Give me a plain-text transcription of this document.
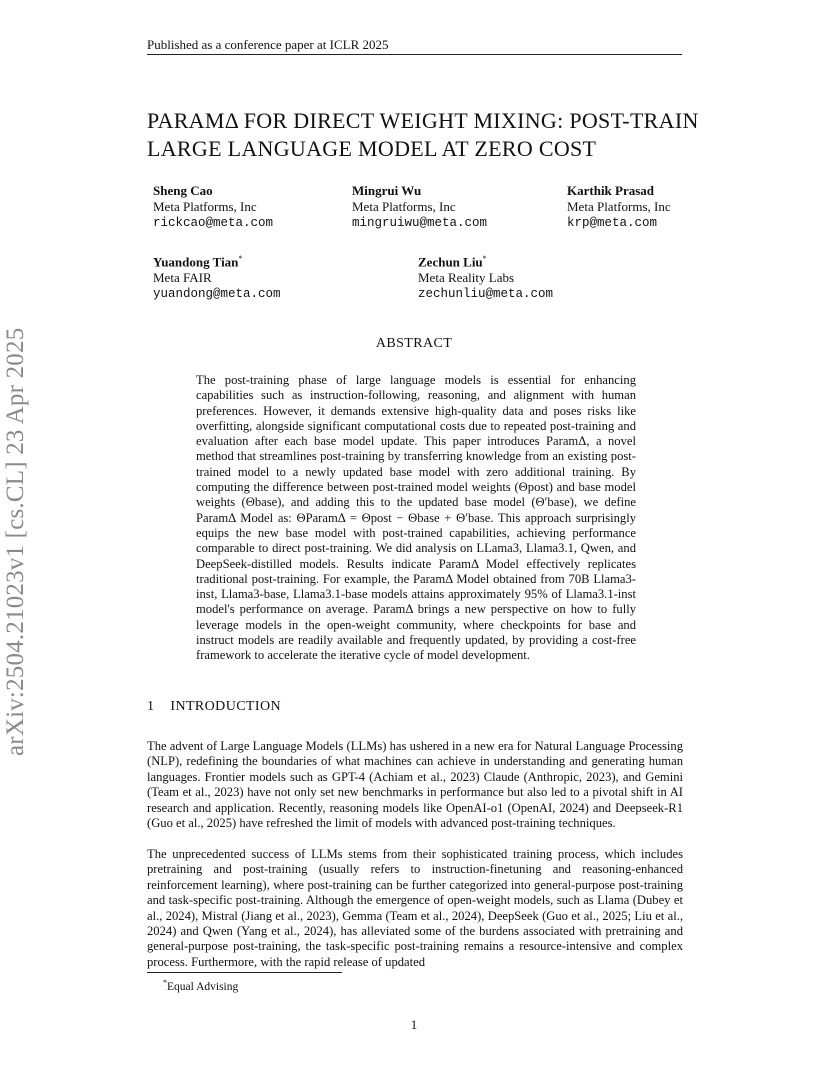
Published as a conference paper at ICLR 2025
arXiv:2504.21023v1 [cs.CL] 23 Apr 2025
PARAMΔ FOR DIRECT WEIGHT MIXING: POST-TRAIN
LARGE LANGUAGE MODEL AT ZERO COST
Sheng Cao
Meta Platforms, Inc
rickcao@meta.com
Mingrui Wu
Meta Platforms, Inc
mingruiwu@meta.com
Karthik Prasad
Meta Platforms, Inc
krp@meta.com
Yuandong Tian*
Meta FAIR
yuandong@meta.com
Zechun Liu*
Meta Reality Labs
zechunliu@meta.com
ABSTRACT
The post-training phase of large language models is essential for enhancing capabilities such as instruction-following, reasoning, and alignment with human preferences. However, it demands extensive high-quality data and poses risks like overfitting, alongside significant computational costs due to repeated post-training and evaluation after each base model update. This paper introduces ParamΔ, a novel method that streamlines post-training by transferring knowledge from an existing post-trained model to a newly updated base model with zero additional training. By computing the difference between post-trained model weights (Θpost) and base model weights (Θbase), and adding this to the updated base model (Θ′base), we define ParamΔ Model as: ΘParamΔ = Θpost − Θbase + Θ′base. This approach surprisingly equips the new base model with post-trained capabilities, achieving performance comparable to direct post-training. We did analysis on LLama3, Llama3.1, Qwen, and DeepSeek-distilled models. Results indicate ParamΔ Model effectively replicates traditional post-training. For example, the ParamΔ Model obtained from 70B Llama3-inst, Llama3-base, Llama3.1-base models attains approximately 95% of Llama3.1-inst model's performance on average. ParamΔ brings a new perspective on how to fully leverage models in the open-weight community, where checkpoints for base and instruct models are readily available and frequently updated, by providing a cost-free framework to accelerate the iterative cycle of model development.
1 INTRODUCTION
The advent of Large Language Models (LLMs) has ushered in a new era for Natural Language Processing (NLP), redefining the boundaries of what machines can achieve in understanding and generating human languages. Frontier models such as GPT-4 (Achiam et al., 2023) Claude (Anthropic, 2023), and Gemini (Team et al., 2023) have not only set new benchmarks in performance but also led to a pivotal shift in AI research and application. Recently, reasoning models like OpenAI-o1 (OpenAI, 2024) and Deepseek-R1 (Guo et al., 2025) have refreshed the limit of models with advanced post-training techniques.
The unprecedented success of LLMs stems from their sophisticated training process, which includes pretraining and post-training (usually refers to instruction-finetuning and reasoning-enhanced reinforcement learning), where post-training can be further categorized into general-purpose post-training and task-specific post-training. Although the emergence of open-weight models, such as Llama (Dubey et al., 2024), Mistral (Jiang et al., 2023), Gemma (Team et al., 2024), DeepSeek (Guo et al., 2025; Liu et al., 2024) and Qwen (Yang et al., 2024), has alleviated some of the burdens associated with pretraining and general-purpose post-training, the task-specific post-training remains a resource-intensive and complex process. Furthermore, with the rapid release of updated
*Equal Advising
1
